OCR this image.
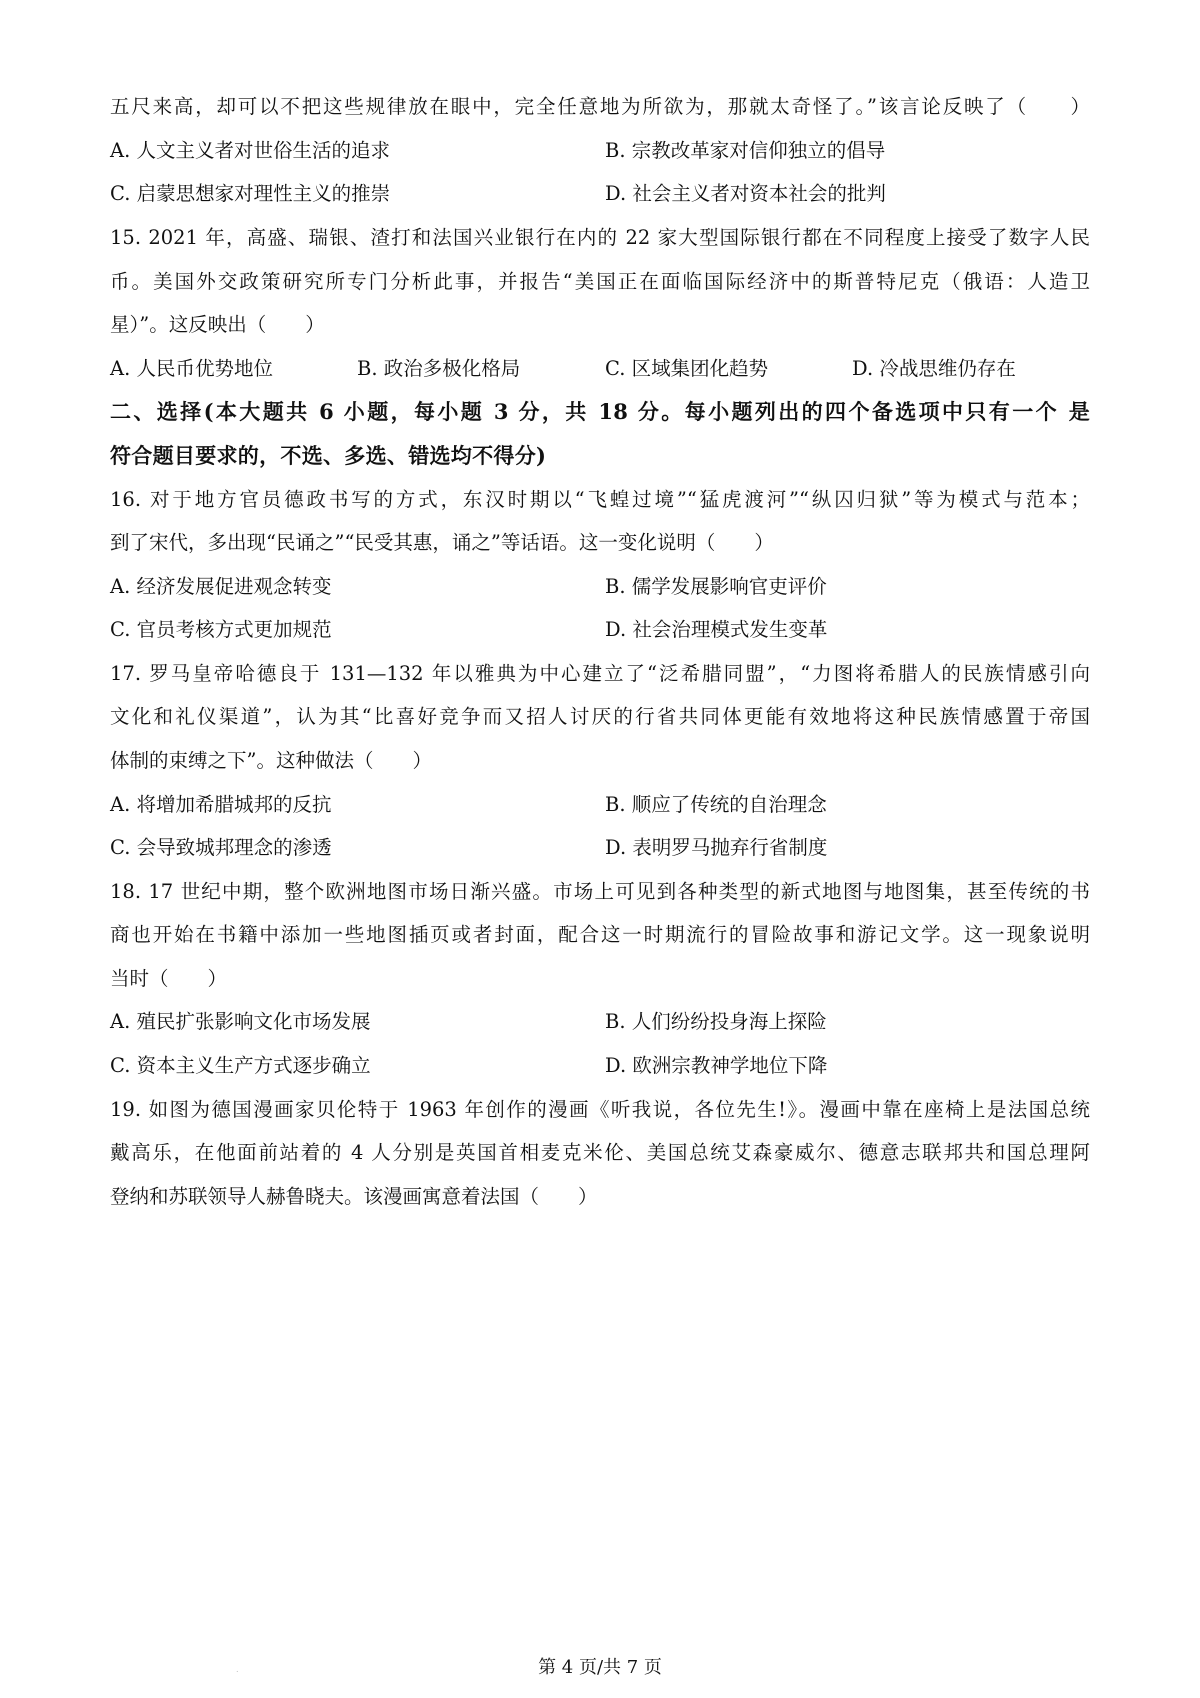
五尺来高，却可以不把这些规律放在眼中，完全任意地为所欲为，那就太奇怪了。”该言论反映了（　　）
A. 人文主义者对世俗生活的追求	B. 宗教改革家对信仰独立的倡导
C. 启蒙思想家对理性主义的推崇	D. 社会主义者对资本社会的批判
15. 2021 年，高盛、瑞银、渣打和法国兴业银行在内的 22 家大型国际银行都在不同程度上接受了数字人民
币。美国外交政策研究所专门分析此事，并报告“美国正在面临国际经济中的斯普特尼克（俄语：人造卫
星）”。这反映出（　　）
A. 人民币优势地位	B. 政治多极化格局	C. 区域集团化趋势	D. 冷战思维仍存在
二、选择(本大题共 6 小题，每小题 3 分，共 18 分。每小题列出的四个备选项中只有一个 是
符合题目要求的，不选、多选、错选均不得分)
16. 对于地方官员德政书写的方式，东汉时期以“飞蝗过境”“猛虎渡河”“纵囚归狱”等为模式与范本；
到了宋代，多出现“民诵之”“民受其惠，诵之”等话语。这一变化说明（　　）
A. 经济发展促进观念转变	B. 儒学发展影响官吏评价
C. 官员考核方式更加规范	D. 社会治理模式发生变革
17. 罗马皇帝哈德良于 131—132 年以雅典为中心建立了“泛希腊同盟”，“力图将希腊人的民族情感引向
文化和礼仪渠道”，认为其“比喜好竞争而又招人讨厌的行省共同体更能有效地将这种民族情感置于帝国
体制的束缚之下”。这种做法（　　）
A. 将增加希腊城邦的反抗	B. 顺应了传统的自治理念
C. 会导致城邦理念的渗透	D. 表明罗马抛弃行省制度
18. 17 世纪中期，整个欧洲地图市场日渐兴盛。市场上可见到各种类型的新式地图与地图集，甚至传统的书
商也开始在书籍中添加一些地图插页或者封面，配合这一时期流行的冒险故事和游记文学。这一现象说明
当时（　　）
A. 殖民扩张影响文化市场发展	B. 人们纷纷投身海上探险
C. 资本主义生产方式逐步确立	D. 欧洲宗教神学地位下降
19. 如图为德国漫画家贝伦特于 1963 年创作的漫画《听我说，各位先生!》。漫画中靠在座椅上是法国总统
戴高乐，在他面前站着的 4 人分别是英国首相麦克米伦、美国总统艾森豪威尔、德意志联邦共和国总理阿
登纳和苏联领导人赫鲁晓夫。该漫画寓意着法国（　　）
.	第 4 页/共 7 页
